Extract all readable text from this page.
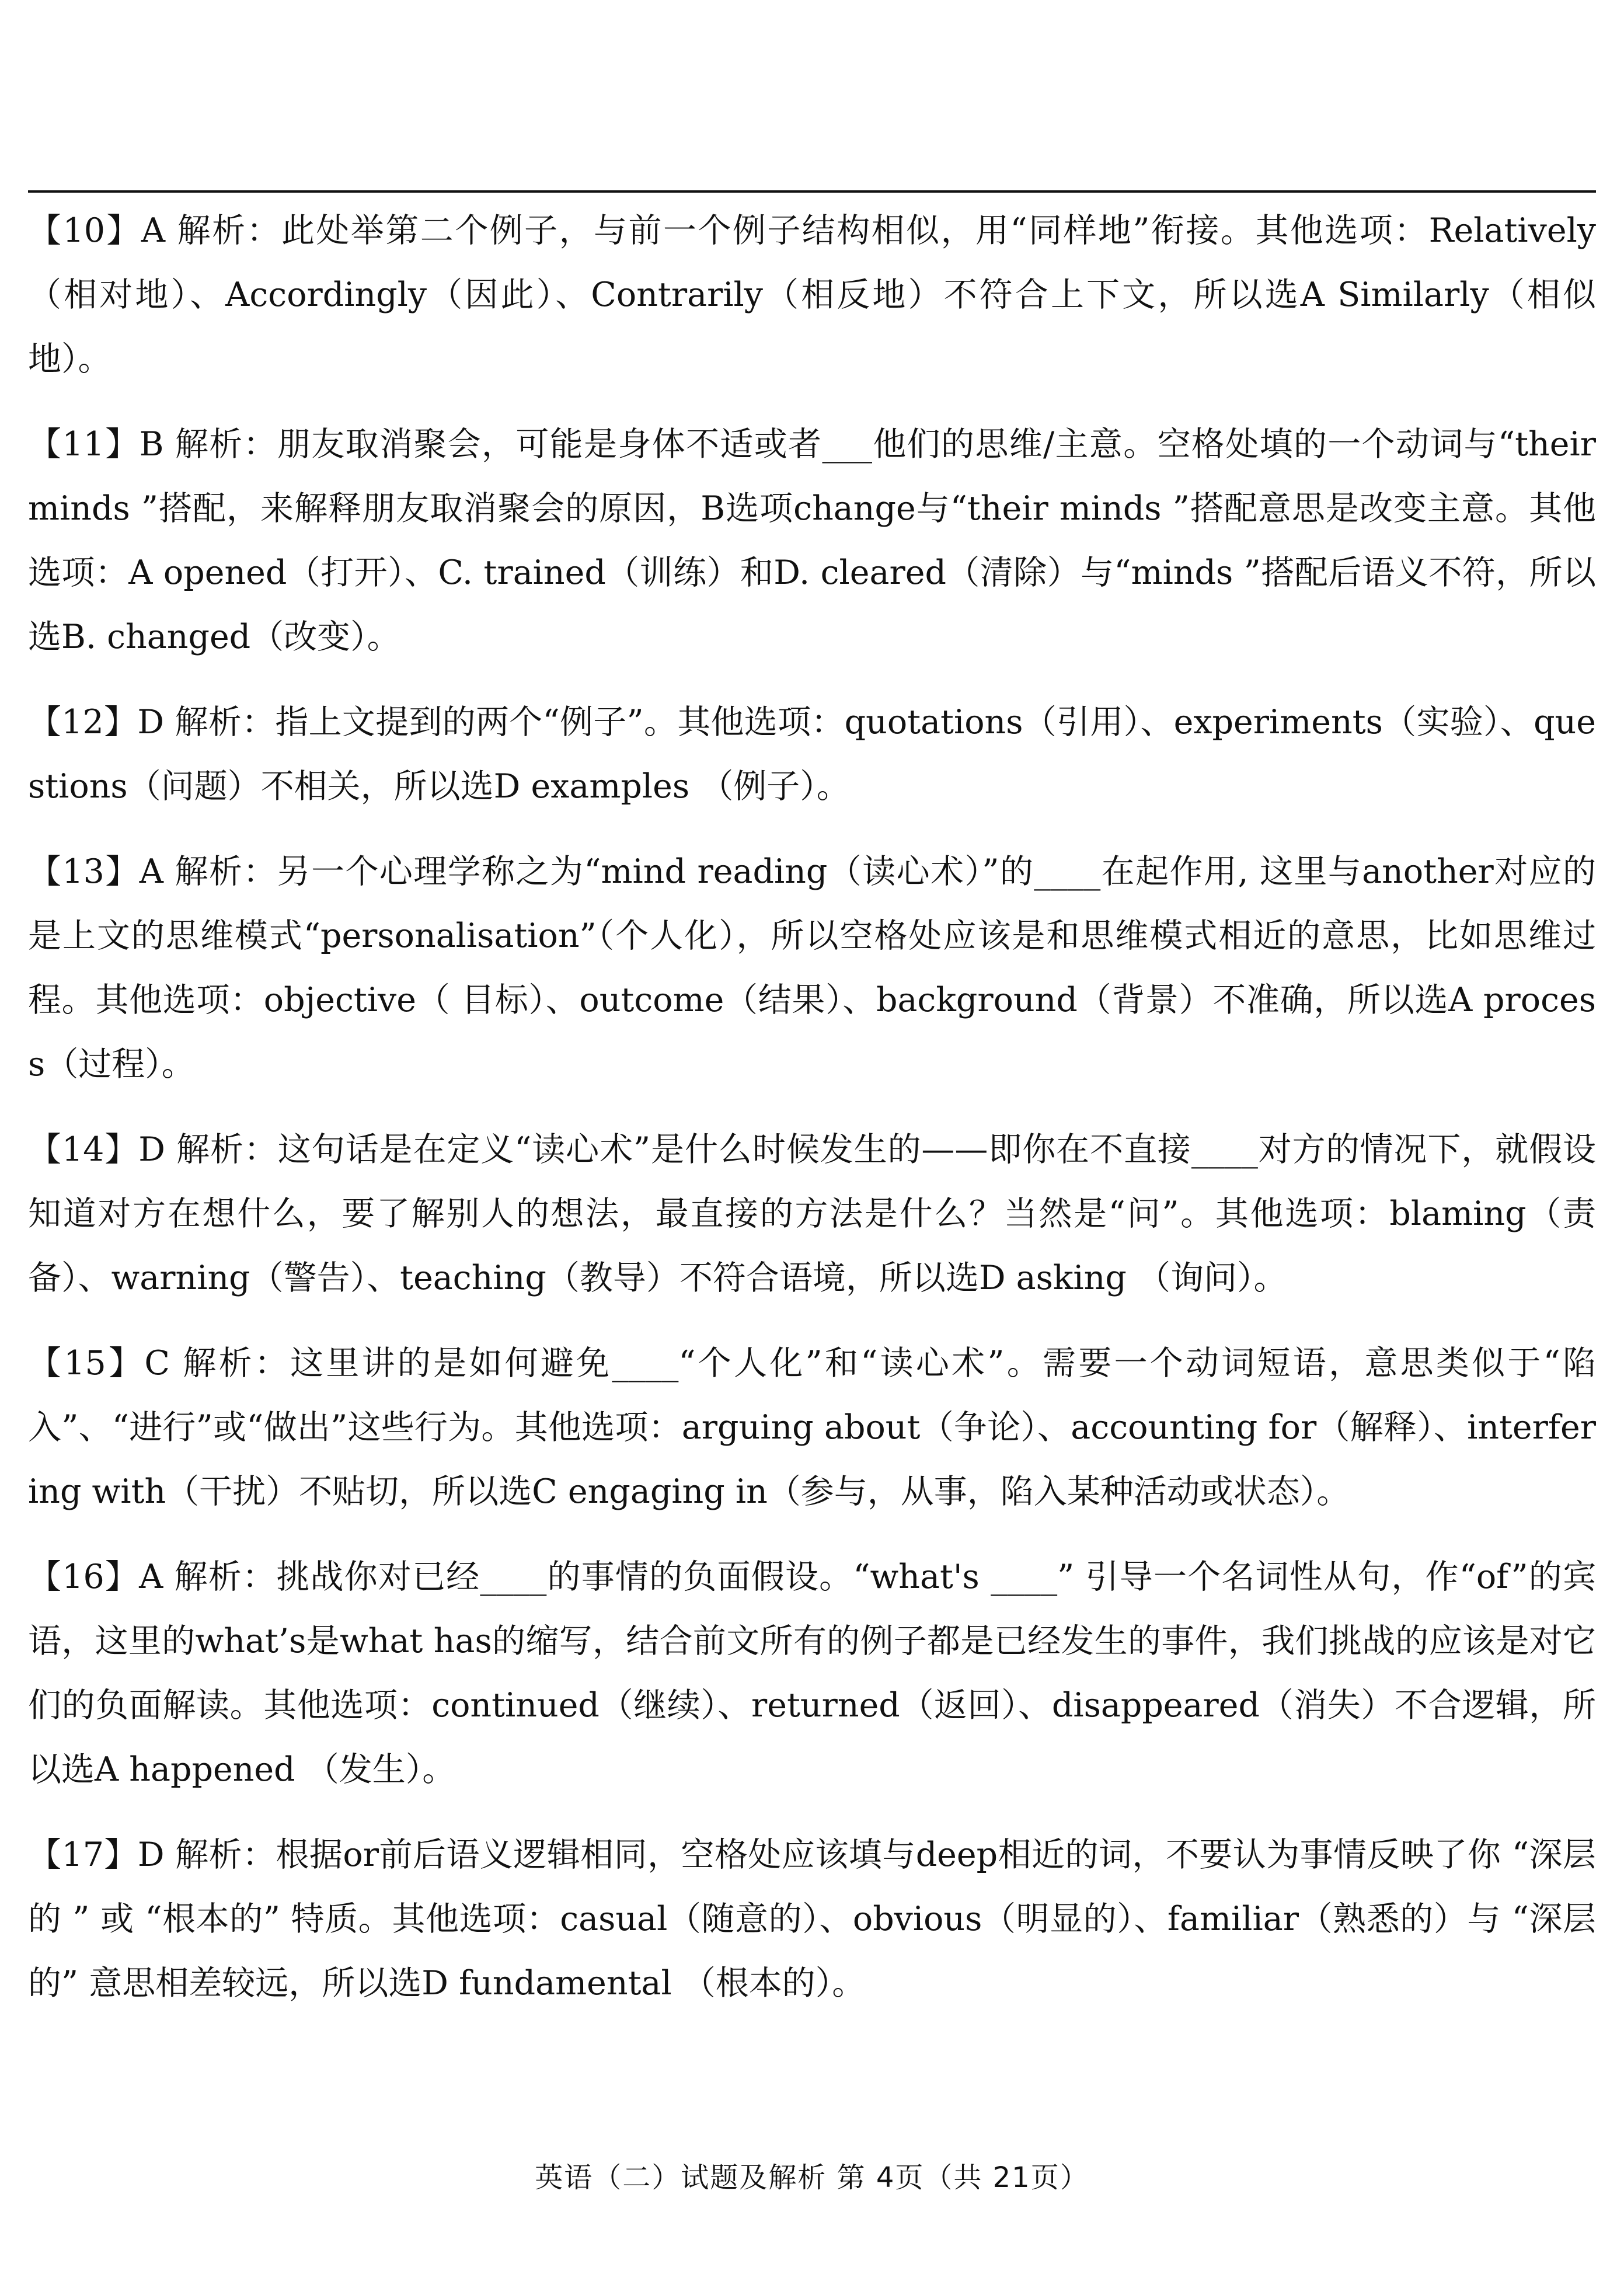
【10】A 解析：此处举第二个例子，与前一个例子结构相似，用“同样地”衔接。其他选项：Relatively（相对地）、Accordingly（因此）、Contrarily（相反地）不符合上下文，所以选A Similarly（相似地）。

【11】B 解析：朋友取消聚会，可能是身体不适或者___他们的思维/主意。空格处填的一个动词与“their minds ”搭配，来解释朋友取消聚会的原因，B选项change与“their minds ”搭配意思是改变主意。其他选项：A opened（打开）、C. trained（训练）和D. cleared（清除）与“minds ”搭配后语义不符，所以选B. changed（改变）。

【12】D 解析：指上文提到的两个“例子”。其他选项：quotations（引用）、experiments（实验）、questions（问题）不相关，所以选D examples （例子）。

【13】A 解析：另一个心理学称之为“mind reading（读心术）”的____在起作用, 这里与another对应的是上文的思维模式“personalisation”（个人化），所以空格处应该是和思维模式相近的意思，比如思维过程。其他选项：objective（ 目标）、outcome（结果）、background（背景）不准确，所以选A process（过程）。

【14】D 解析：这句话是在定义“读心术”是什么时候发生的——即你在不直接____对方的情况下，就假设知道对方在想什么，要了解别人的想法，最直接的方法是什么？当然是“问”。其他选项：blaming（责备）、warning（警告）、teaching（教导）不符合语境，所以选D asking （询问）。

【15】C 解析：这里讲的是如何避免____“个人化”和“读心术”。需要一个动词短语，意思类似于“陷入”、“进行”或“做出”这些行为。其他选项：arguing about（争论）、accounting for（解释）、interfering with（干扰）不贴切，所以选C engaging in（参与，从事，陷入某种活动或状态）。

【16】A 解析：挑战你对已经____的事情的负面假设。“what's ____” 引导一个名词性从句，作“of”的宾语，这里的what’s是what has的缩写，结合前文所有的例子都是已经发生的事件，我们挑战的应该是对它们的负面解读。其他选项：continued（继续）、returned（返回）、disappeared（消失）不合逻辑，所以选A happened （发生）。

【17】D 解析：根据or前后语义逻辑相同，空格处应该填与deep相近的词，不要认为事情反映了你 “深层的 ” 或 “根本的” 特质。其他选项：casual（随意的）、obvious（明显的）、familiar（熟悉的）与 “深层的” 意思相差较远，所以选D fundamental （根本的）。

英语（二）试题及解析 第 4页（共 21页）
